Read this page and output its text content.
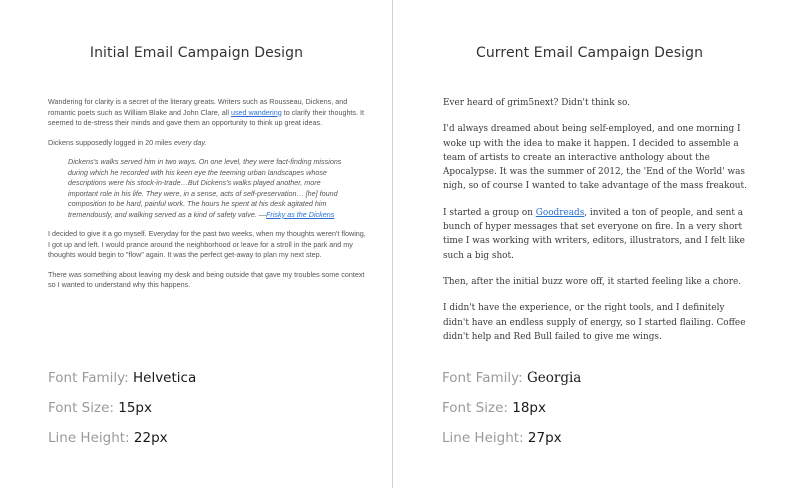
Initial Email Campaign Design

Wandering for clarity is a secret of the literary greats. Writers such as Rousseau, Dickens, and romantic poets such as William Blake and John Clare, all used wandering to clarify their thoughts. It seemed to de-stress their minds and gave them an opportunity to think up great ideas.

Dickens supposedly logged in 20 miles every day.

Dickens's walks served him in two ways. On one level, they were fact-finding missions during which he recorded with his keen eye the teeming urban landscapes whose descriptions were his stock-in-trade…But Dickens's walks played another, more important role in his life. They were, in a sense, acts of self-preservation… [he] found composition to be hard, painful work. The hours he spent at his desk agitated him tremendously, and walking served as a kind of safety valve. —Frisky as the Dickens

I decided to give it a go myself. Everyday for the past two weeks, when my thoughts weren't flowing, I got up and left. I would prance around the neighborhood or leave for a stroll in the park and my thoughts would begin to "flow" again. It was the perfect get-away to plan my next step.

There was something about leaving my desk and being outside that gave my troubles some context so I wanted to understand why this happens.

Font Family: Helvetica
Font Size: 15px
Line Height: 22px
Current Email Campaign Design

Ever heard of grim5next? Didn't think so.

I'd always dreamed about being self-employed, and one morning I woke up with the idea to make it happen. I decided to assemble a team of artists to create an interactive anthology about the Apocalypse. It was the summer of 2012, the 'End of the World' was nigh, so of course I wanted to take advantage of the mass freakout.

I started a group on Goodreads, invited a ton of people, and sent a bunch of hyper messages that set everyone on fire. In a very short time I was working with writers, editors, illustrators, and I felt like such a big shot.

Then, after the initial buzz wore off, it started feeling like a chore.

I didn't have the experience, or the right tools, and I definitely didn't have an endless supply of energy, so I started flailing. Coffee didn't help and Red Bull failed to give me wings.

Font Family: Georgia
Font Size: 18px
Line Height: 27px
